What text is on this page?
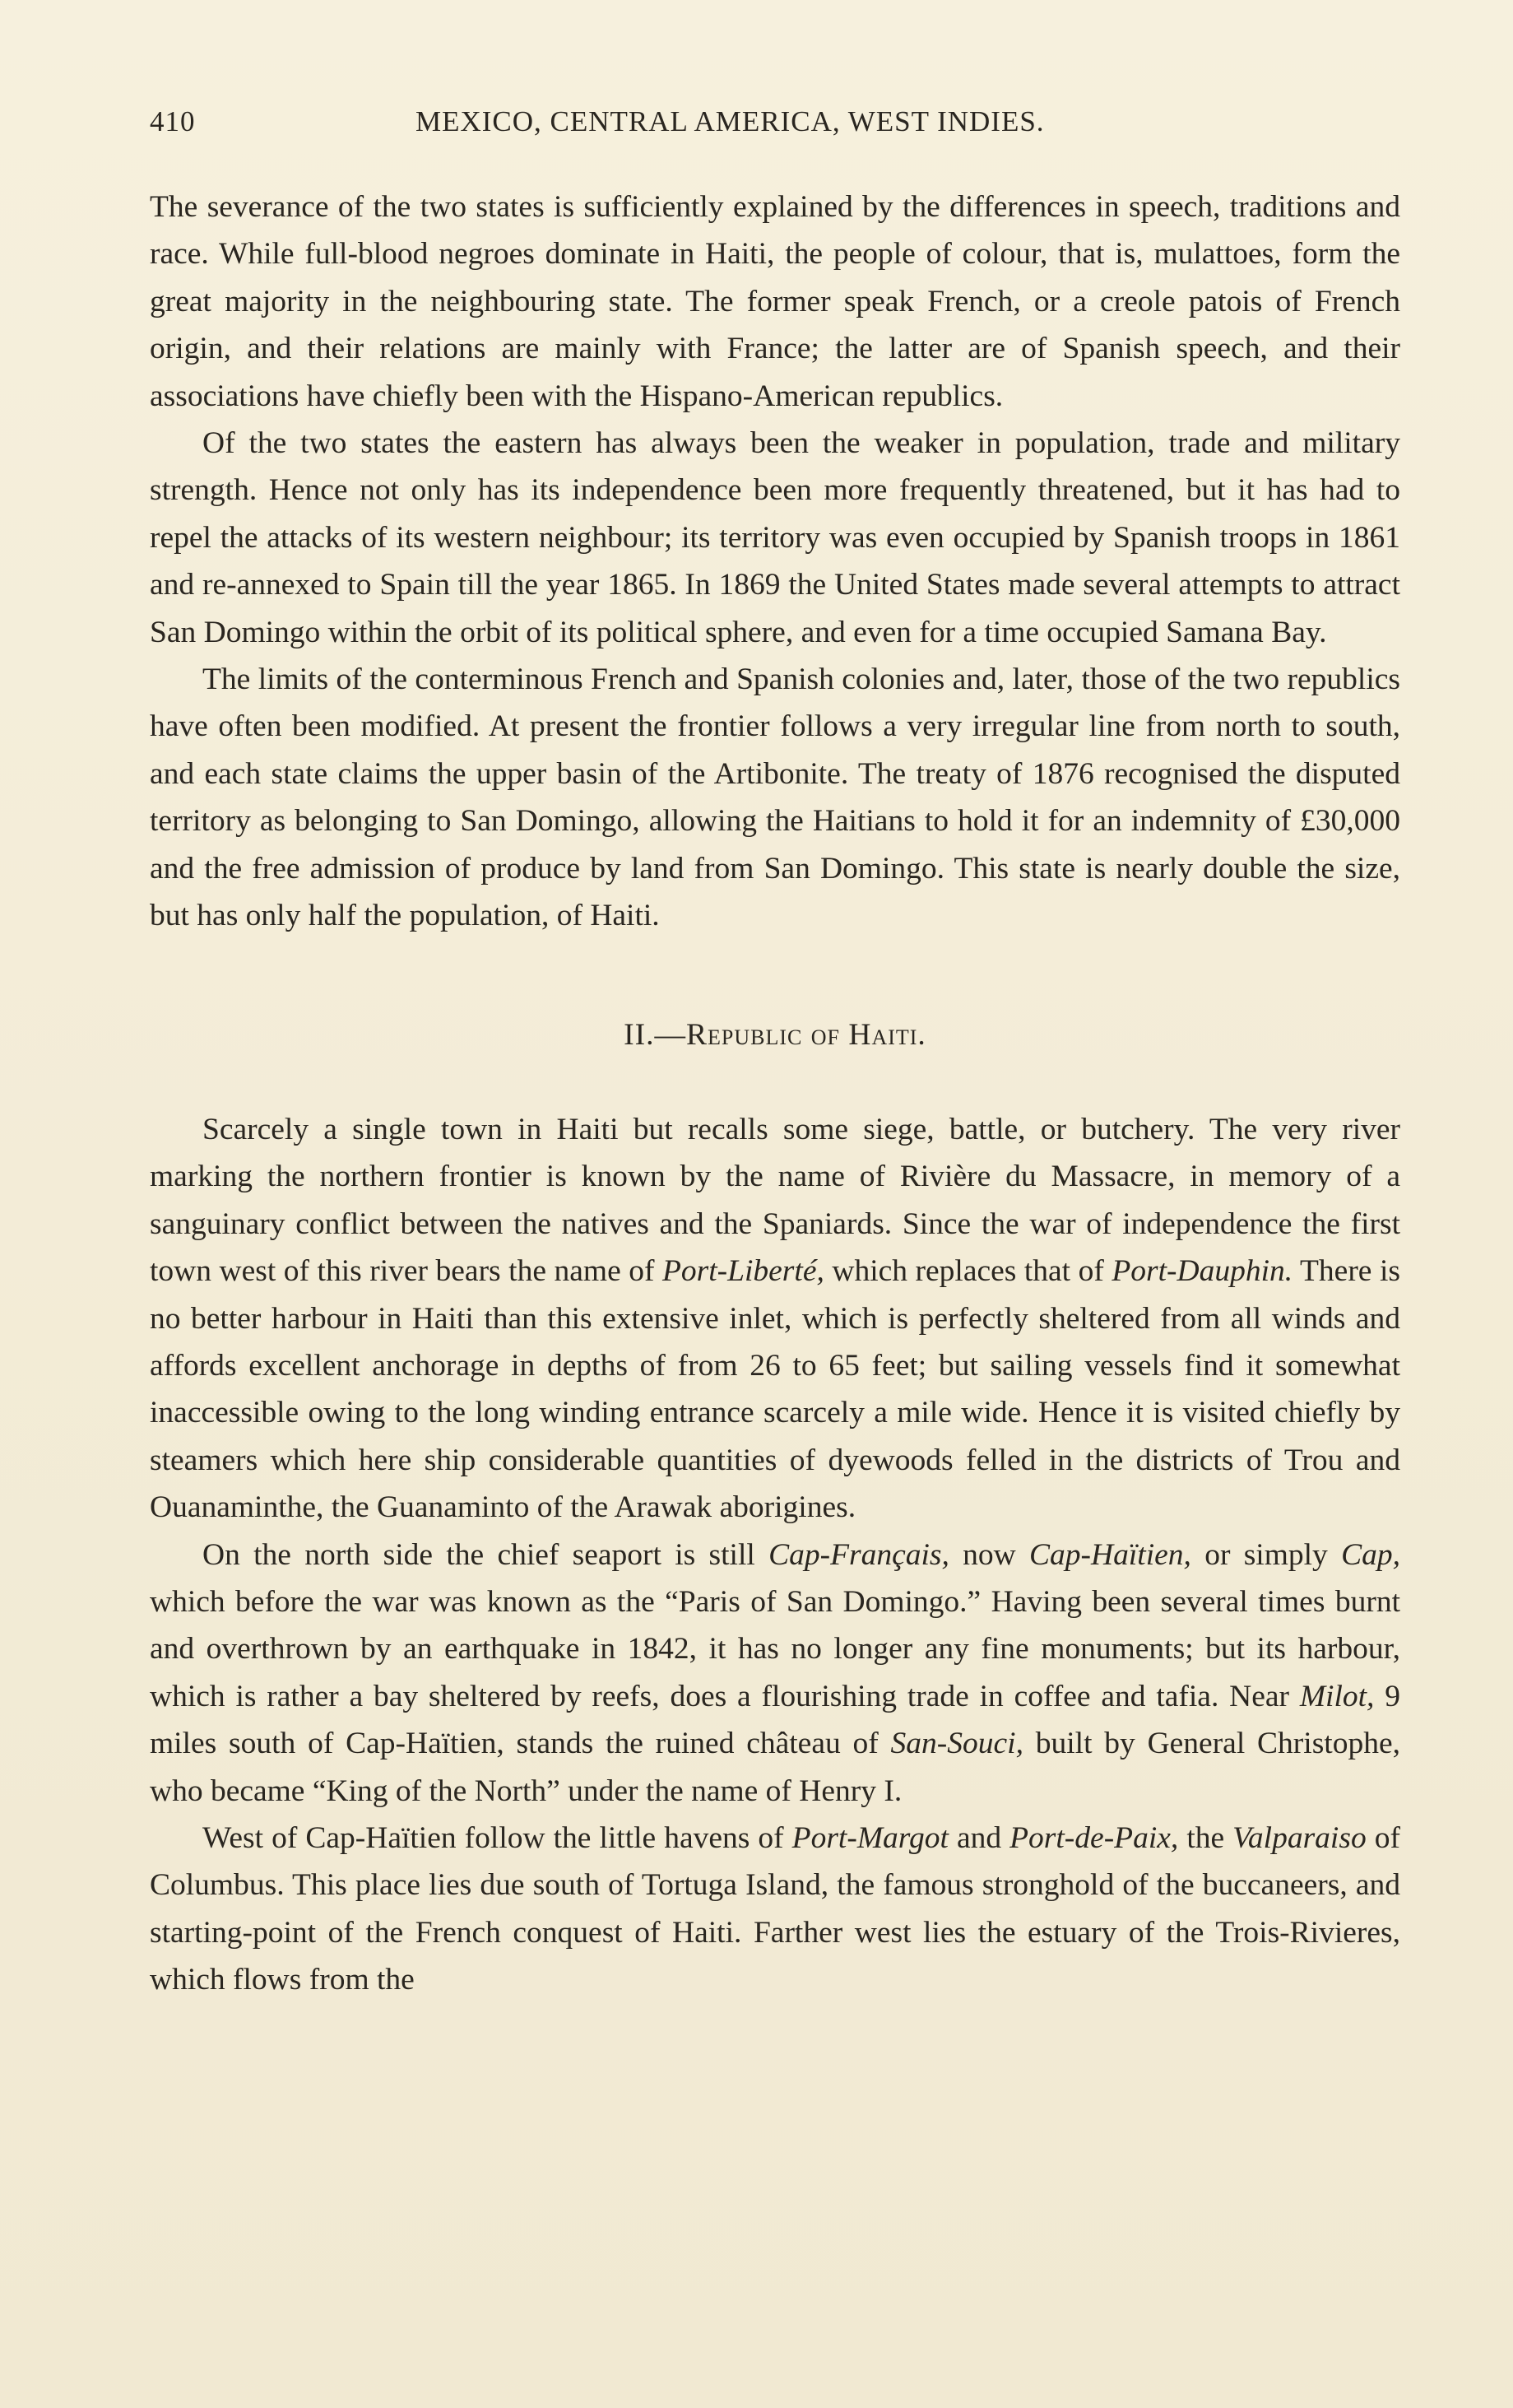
410	MEXICO, CENTRAL AMERICA, WEST INDIES.

The severance of the two states is sufficiently explained by the differences in speech, traditions and race. While full-blood negroes dominate in Haiti, the people of colour, that is, mulattoes, form the great majority in the neighbouring state. The former speak French, or a creole patois of French origin, and their relations are mainly with France; the latter are of Spanish speech, and their associations have chiefly been with the Hispano-American republics.

Of the two states the eastern has always been the weaker in population, trade and military strength. Hence not only has its independence been more frequently threatened, but it has had to repel the attacks of its western neighbour; its territory was even occupied by Spanish troops in 1861 and re-annexed to Spain till the year 1865. In 1869 the United States made several attempts to attract San Domingo within the orbit of its political sphere, and even for a time occupied Samana Bay.

The limits of the conterminous French and Spanish colonies and, later, those of the two republics have often been modified. At present the frontier follows a very irregular line from north to south, and each state claims the upper basin of the Artibonite. The treaty of 1876 recognised the disputed territory as belonging to San Domingo, allowing the Haitians to hold it for an indemnity of £30,000 and the free admission of produce by land from San Domingo. This state is nearly double the size, but has only half the population, of Haiti.

II.—Republic of Haiti.

Scarcely a single town in Haiti but recalls some siege, battle, or butchery. The very river marking the northern frontier is known by the name of Rivière du Massacre, in memory of a sanguinary conflict between the natives and the Spaniards. Since the war of independence the first town west of this river bears the name of Port-Liberté, which replaces that of Port-Dauphin. There is no better harbour in Haiti than this extensive inlet, which is perfectly sheltered from all winds and affords excellent anchorage in depths of from 26 to 65 feet; but sailing vessels find it somewhat inaccessible owing to the long winding entrance scarcely a mile wide. Hence it is visited chiefly by steamers which here ship considerable quantities of dyewoods felled in the districts of Trou and Ouanaminthe, the Guanaminto of the Arawak aborigines.

On the north side the chief seaport is still Cap-Français, now Cap-Haïtien, or simply Cap, which before the war was known as the “Paris of San Domingo.” Having been several times burnt and overthrown by an earthquake in 1842, it has no longer any fine monuments; but its harbour, which is rather a bay sheltered by reefs, does a flourishing trade in coffee and tafia. Near Milot, 9 miles south of Cap-Haïtien, stands the ruined château of San-Souci, built by General Christophe, who became “King of the North” under the name of Henry I.

West of Cap-Haïtien follow the little havens of Port-Margot and Port-de-Paix, the Valparaiso of Columbus. This place lies due south of Tortuga Island, the famous stronghold of the buccaneers, and starting-point of the French conquest of Haiti. Farther west lies the estuary of the Trois-Rivieres, which flows from the
